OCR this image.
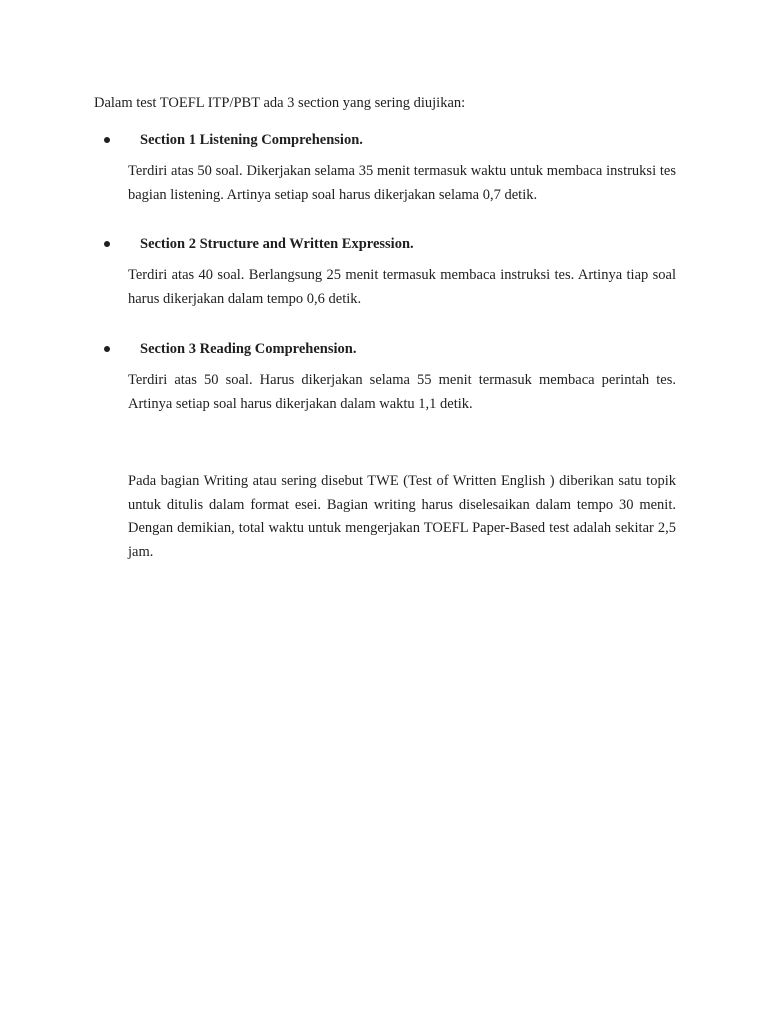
Dalam test TOEFL ITP/PBT ada 3 section yang sering diujikan:
Section 1 Listening Comprehension.
Terdiri atas 50 soal. Dikerjakan selama 35 menit termasuk waktu untuk membaca instruksi tes bagian listening. Artinya setiap soal harus dikerjakan selama 0,7 detik.
Section 2 Structure and Written Expression.
Terdiri atas 40 soal. Berlangsung 25 menit termasuk membaca instruksi tes. Artinya tiap soal harus dikerjakan dalam tempo 0,6 detik.
Section 3 Reading Comprehension.
Terdiri atas 50 soal. Harus dikerjakan selama 55 menit termasuk membaca perintah tes. Artinya setiap soal harus dikerjakan dalam waktu 1,1 detik.
Pada bagian Writing atau sering disebut TWE (Test of Written English ) diberikan satu topik untuk ditulis dalam format esei. Bagian writing harus diselesaikan dalam tempo 30 menit. Dengan demikian, total waktu untuk mengerjakan TOEFL Paper-Based test adalah sekitar 2,5 jam.
